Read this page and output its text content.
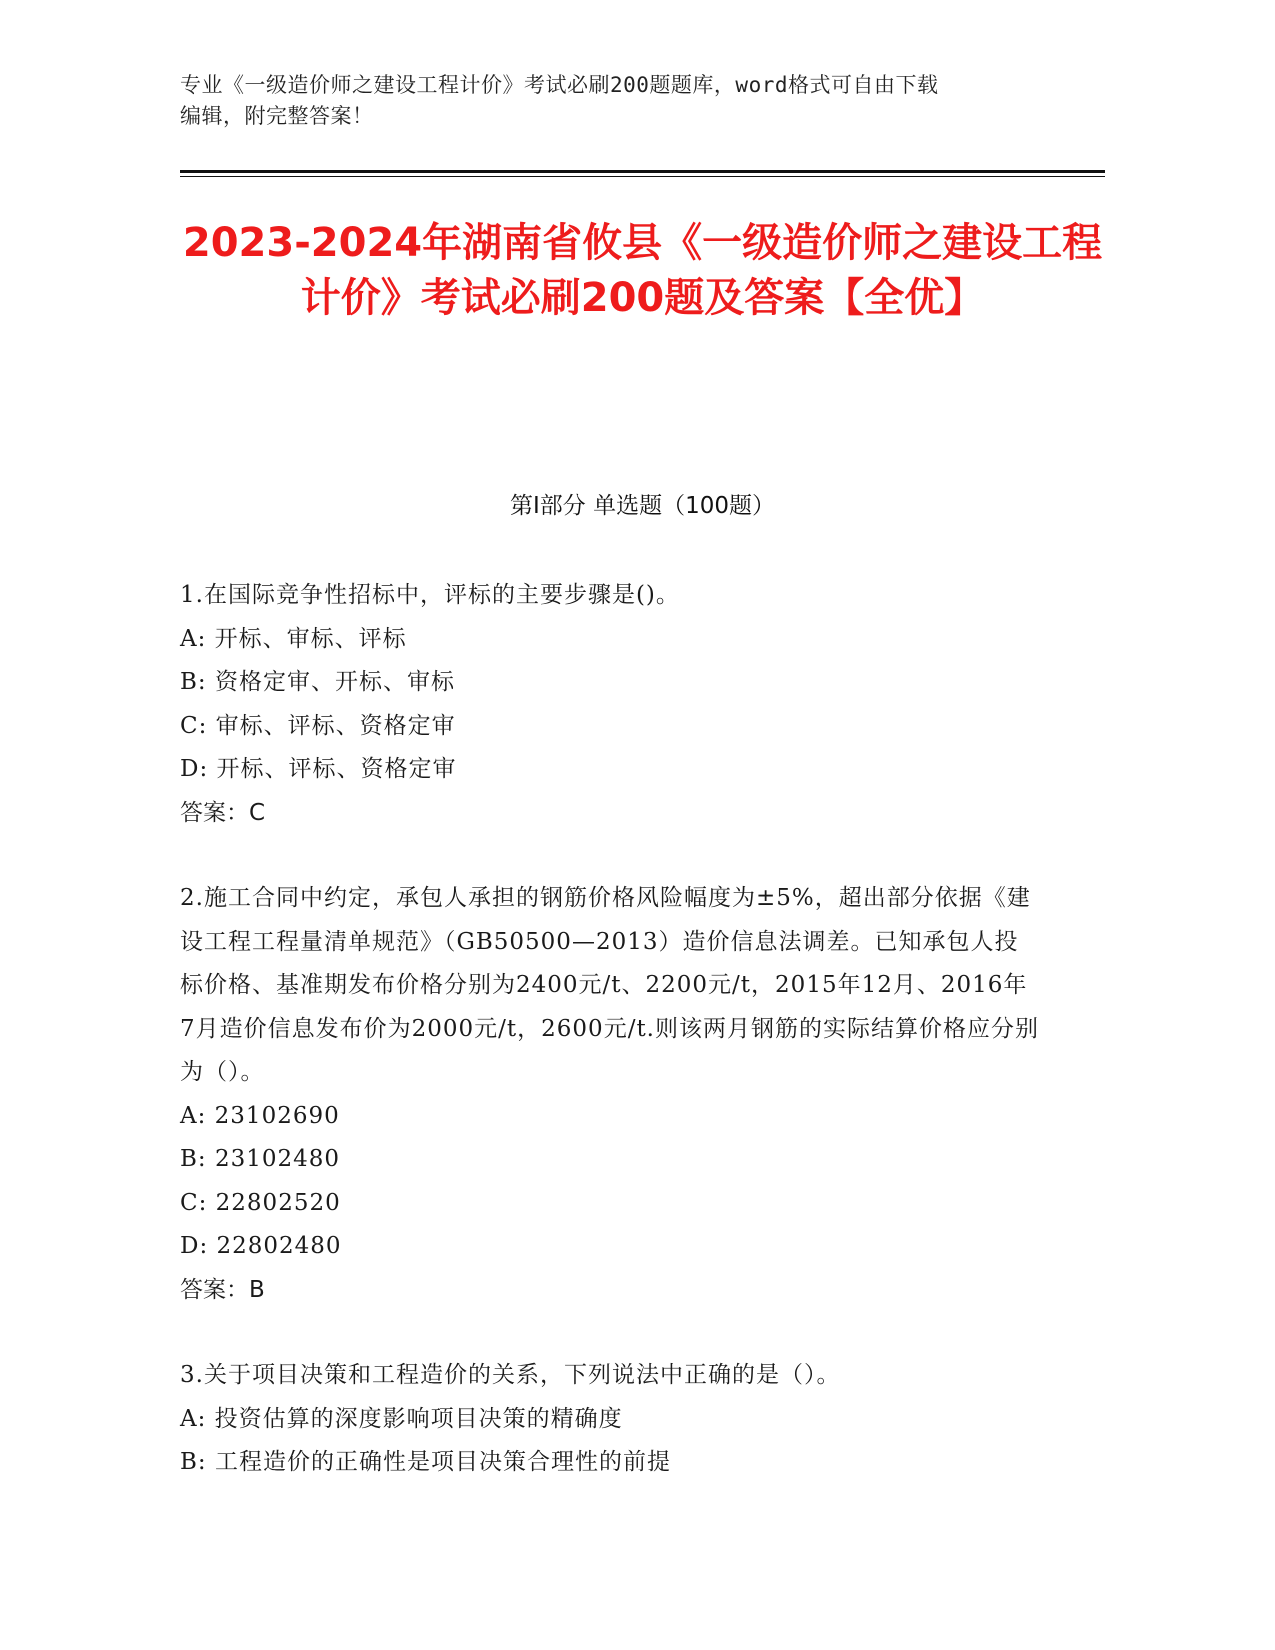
专业《一级造价师之建设工程计价》考试必刷200题题库，word格式可自由下载
编辑，附完整答案！
2023-2024年湖南省攸县《一级造价师之建设工程计价》考试必刷200题及答案【全优】
第I部分 单选题（100题）

1.在国际竞争性招标中，评标的主要步骤是()。

A: 开标、审标、评标

B: 资格定审、开标、审标

C: 审标、评标、资格定审

D: 开标、评标、资格定审

答案：C

2.施工合同中约定，承包人承担的钢筋价格风险幅度为±5%，超出部分依据《建设工程工程量清单规范》（GB50500—2013）造价信息法调差。已知承包人投标价格、基准期发布价格分别为2400元/t、2200元/t，2015年12月、2016年7月造价信息发布价为2000元/t，2600元/t.则该两月钢筋的实际结算价格应分别为（）。

A: 23102690

B: 23102480

C: 22802520

D: 22802480

答案：B

3.关于项目决策和工程造价的关系，下列说法中正确的是（）。

A: 投资估算的深度影响项目决策的精确度

B: 工程造价的正确性是项目决策合理性的前提
